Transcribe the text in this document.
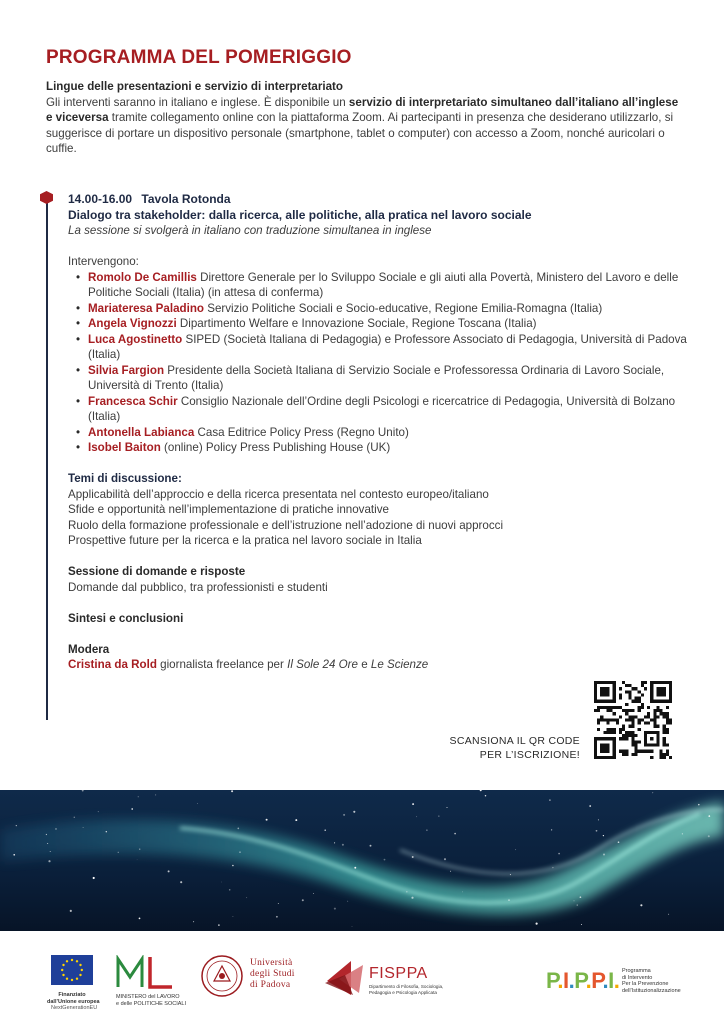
PROGRAMMA DEL POMERIGGIO
Lingue delle presentazioni e servizio di interpretariato
Gli interventi saranno in italiano e inglese. È disponibile un servizio di interpretariato simultaneo dall’italiano all’inglese e viceversa tramite collegamento online con la piattaforma Zoom. Ai partecipanti in presenza che desiderano utilizzarlo, si suggerisce di portare un dispositivo personale (smartphone, tablet o computer) con accesso a Zoom, nonché auricolari o cuffie.
14.00-16.00 Tavola Rotonda
Dialogo tra stakeholder: dalla ricerca, alle politiche, alla pratica nel lavoro sociale
La sessione si svolgerà in italiano con traduzione simultanea in inglese
Intervengono:
• Romolo De Camillis Direttore Generale per lo Sviluppo Sociale e gli aiuti alla Povertà, Ministero del Lavoro e delle Politiche Sociali (Italia) (in attesa di conferma)
• Mariateresa Paladino Servizio Politiche Sociali e Socio-educative, Regione Emilia-Romagna (Italia)
• Angela Vignozzi Dipartimento Welfare e Innovazione Sociale, Regione Toscana (Italia)
• Luca Agostinetto SIPED (Società Italiana di Pedagogia) e Professore Associato di Pedagogia, Università di Padova (Italia)
• Silvia Fargion Presidente della Società Italiana di Servizio Sociale e Professoressa Ordinaria di Lavoro Sociale, Università di Trento (Italia)
• Francesca Schir Consiglio Nazionale dell’Ordine degli Psicologi e ricercatrice di Pedagogia, Università di Bolzano (Italia)
• Antonella Labianca Casa Editrice Policy Press (Regno Unito)
• Isobel Baiton (online) Policy Press Publishing House (UK)
Temi di discussione:
Applicabilità dell’approccio e della ricerca presentata nel contesto europeo/italiano
Sfide e opportunità nell’implementazione di pratiche innovative
Ruolo della formazione professionale e dell’istruzione nell’adozione di nuovi approcci
Prospettive future per la ricerca e la pratica nel lavoro sociale in Italia
Sessione di domande e risposte
Domande dal pubblico, tra professionisti e studenti
Sintesi e conclusioni
Modera
Cristina da Rold giornalista freelance per Il Sole 24 Ore e Le Scienze
SCANSIONA IL QR CODE
PER L’ISCRIZIONE!
Finanziato
dall’Unione europea
NextGenerationEU
MINISTERO del LAVORO
e delle POLITICHE SOCIALI
Università
degli Studi
di Padova
FISPPA
Dipartimento di Filosofia, Sociologia,
Pedagogia e Psicologia Applicata	P.I.P.P.I. Programma
di Intervento
Per la Prevenzione
dell’Istituzionalizzazione
